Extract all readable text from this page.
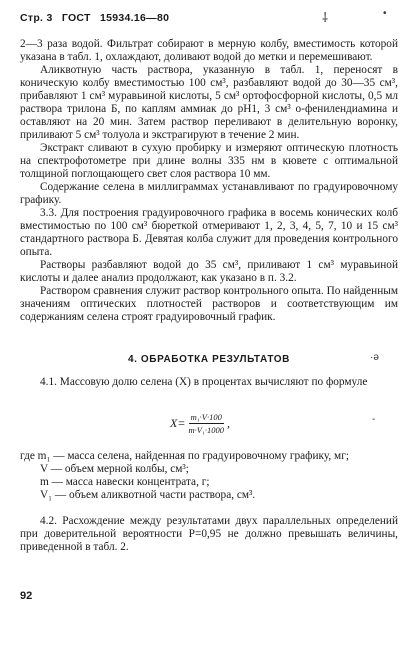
Стр. 3 ГОСТ 15934.16—80	⸸	•

2—3 раза водой. Фильтрат собирают в мерную колбу, вместимость которой указана в табл. 1, охлаждают, доливают водой до метки и перемешивают.

Аликвотную часть раствора, указанную в табл. 1, переносят в коническую колбу вместимостью 100 см³, разбавляют водой до 30—35 см³, прибавляют 1 см³ муравьиной кислоты, 5 см³ ортофосфорной кислоты, 0,5 мл раствора трилона Б, по каплям аммиак до рН1, 3 см³ о-фенилендиамина и оставляют на 20 мин. Затем раствор переливают в делительную воронку, приливают 5 см³ толуола и экстрагируют в течение 2 мин.

Экстракт сливают в сухую пробирку и измеряют оптическую плотность на спектрофотометре при длине волны 335 нм в кювете с оптимальной толщиной поглощающего свет слоя раствора 10 мм.

Содержание селена в миллиграммах устанавливают по градуировочному графику.

3.3. Для построения градуировочного графика в восемь конических колб вместимостью по 100 см³ бюреткой отмеривают 1, 2, 3, 4, 5, 7, 10 и 15 см³ стандартного раствора Б. Девятая колба служит для проведения контрольного опыта.

Растворы разбавляют водой до 35 см³, приливают 1 см³ муравьиной кислоты и далее анализ продолжают, как указано в п. 3.2.

Раствором сравнения служит раствор контрольного опыта. По найденным значениям оптических плотностей растворов и соответствующим им содержаниям селена строят градуировочный график.

4. ОБРАБОТКА РЕЗУЛЬТАТОВ	·ə

4.1. Массовую долю селена (X) в процентах вычисляют по формуле

$X= \frac{\text{m₁·V·100}}{\text{m·V₁·1000}}$ ,	-

где m₁ — масса селена, найденная по градуировочному графику, мг;

V — объем мерной колбы, см³;

m — масса навески концентрата, г;

V₁ — объем аликвотной части раствора, см³.

4.2. Расхождение между результатами двух параллельных определений при доверительной вероятности P=0,95 не должно превышать величины, приведенной в табл. 2.

92
